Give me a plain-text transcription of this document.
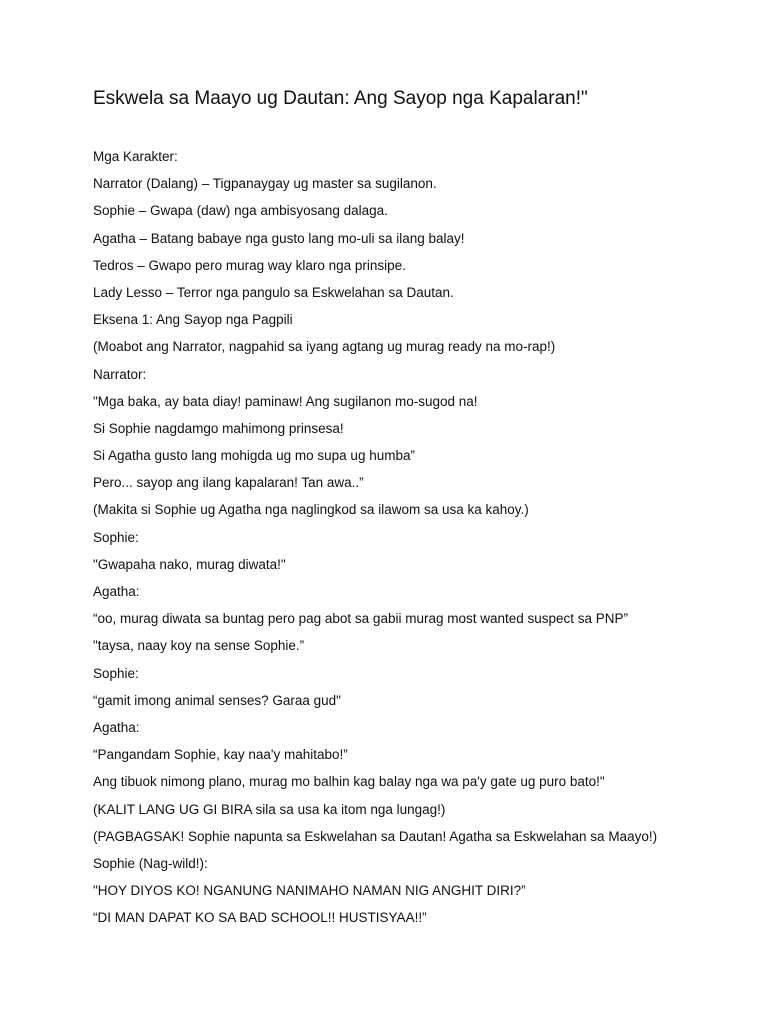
Eskwela sa Maayo ug Dautan: Ang Sayop nga Kapalaran!"
Mga Karakter:
Narrator (Dalang) – Tigpanaygay ug master sa sugilanon.
Sophie – Gwapa (daw) nga ambisyosang dalaga.
Agatha – Batang babaye nga gusto lang mo-uli sa ilang balay!
Tedros – Gwapo pero murag way klaro nga prinsipe.
Lady Lesso – Terror nga pangulo sa Eskwelahan sa Dautan.
Eksena 1: Ang Sayop nga Pagpili
(Moabot ang Narrator, nagpahid sa iyang agtang ug murag ready na mo-rap!)
Narrator:
"Mga baka, ay bata diay! paminaw! Ang sugilanon mo-sugod na!
Si Sophie nagdamgo mahimong prinsesa!
Si Agatha gusto lang mohigda ug mo supa ug humba”
Pero... sayop ang ilang kapalaran! Tan awa..”
(Makita si Sophie ug Agatha nga naglingkod sa ilawom sa usa ka kahoy.)
Sophie:
"Gwapaha nako, murag diwata!"
Agatha:
“oo, murag diwata sa buntag pero pag abot sa gabii murag most wanted suspect sa PNP”
"taysa, naay koy na sense Sophie.”
Sophie:
“gamit imong animal senses? Garaa gud"
Agatha:
“Pangandam Sophie, kay naa'y mahitabo!”
Ang tibuok nimong plano, murag mo balhin kag balay nga wa pa'y gate ug puro bato!"
(KALIT LANG UG GI BIRA sila sa usa ka itom nga lungag!)
(PAGBAGSAK! Sophie napunta sa Eskwelahan sa Dautan! Agatha sa Eskwelahan sa Maayo!)
Sophie (Nag-wild!):
"HOY DIYOS KO! NGANUNG NANIMAHO NAMAN NIG ANGHIT DIRI?”
“DI MAN DAPAT KO SA BAD SCHOOL!! HUSTISYAA!!”
